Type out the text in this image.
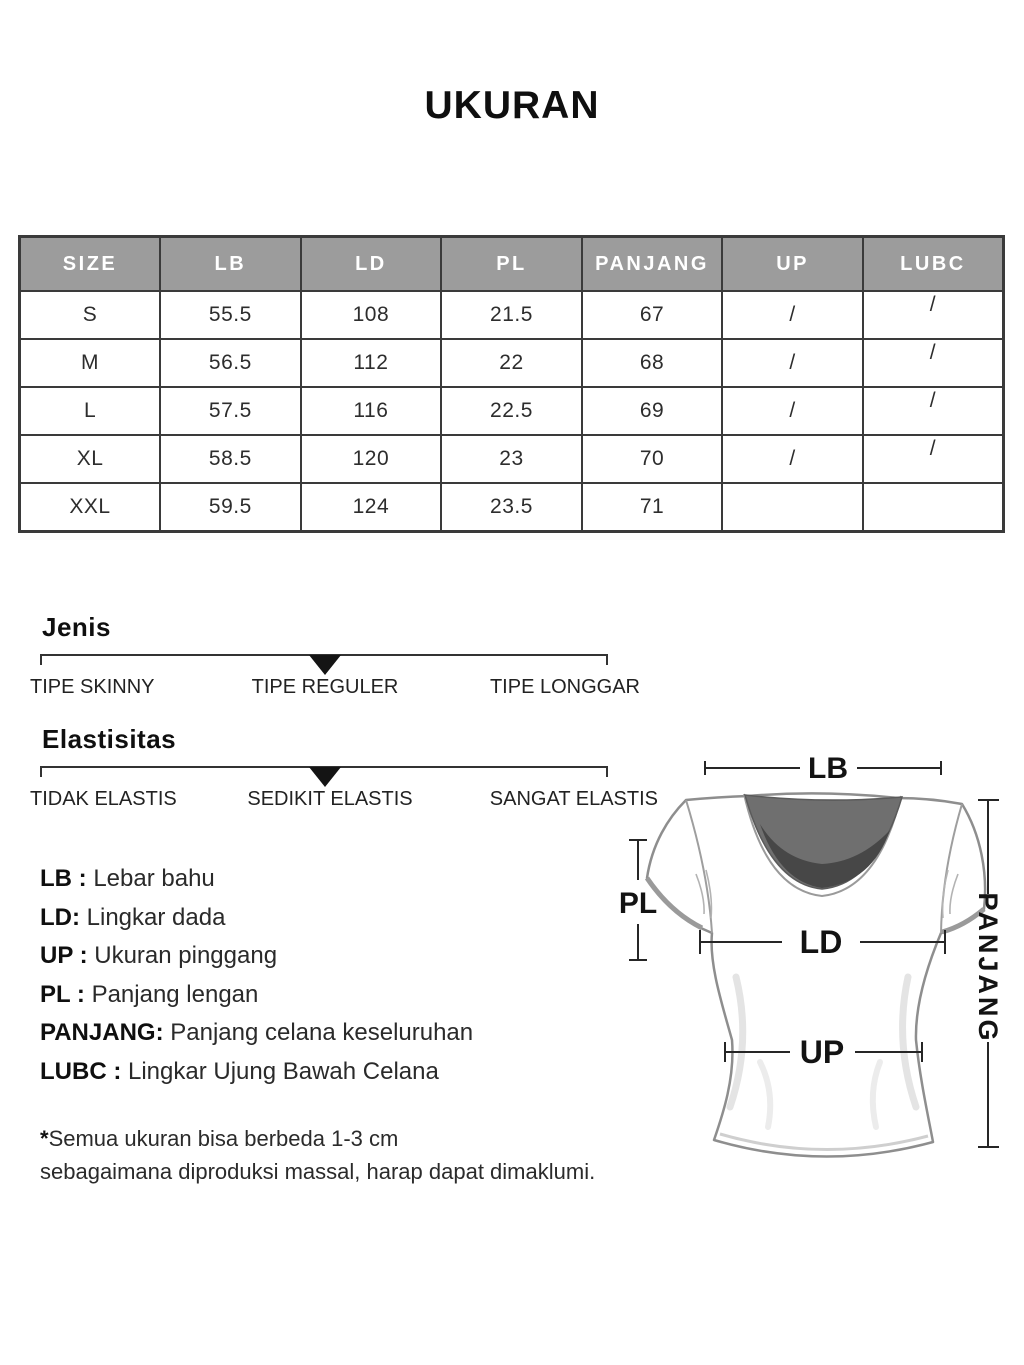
UKURAN
SIZE	LB	LD	PL	PANJANG	UP	LUBC
S	55.5	108	21.5	67	/	/
M	56.5	112	22	68	/	/
L	57.5	116	22.5	69	/	/
XL	58.5	120	23	70	/	/
XXL	59.5	124	23.5	71		
Jenis
TIPE SKINNY	TIPE REGULER	TIPE LONGGAR
Elastisitas
TIDAK ELASTIS	SEDIKIT ELASTIS	SANGAT ELASTIS
LB : Lebar bahu
LD: Lingkar dada
UP : Ukuran pinggang
PL : Panjang lengan
PANJANG: Panjang celana keseluruhan
LUBC : Lingkar Ujung Bawah Celana
*Semua ukuran bisa berbeda 1-3 cm
sebagaimana diproduksi massal, harap dapat dimaklumi.
LB
PL
LD
UP
PANJANG
